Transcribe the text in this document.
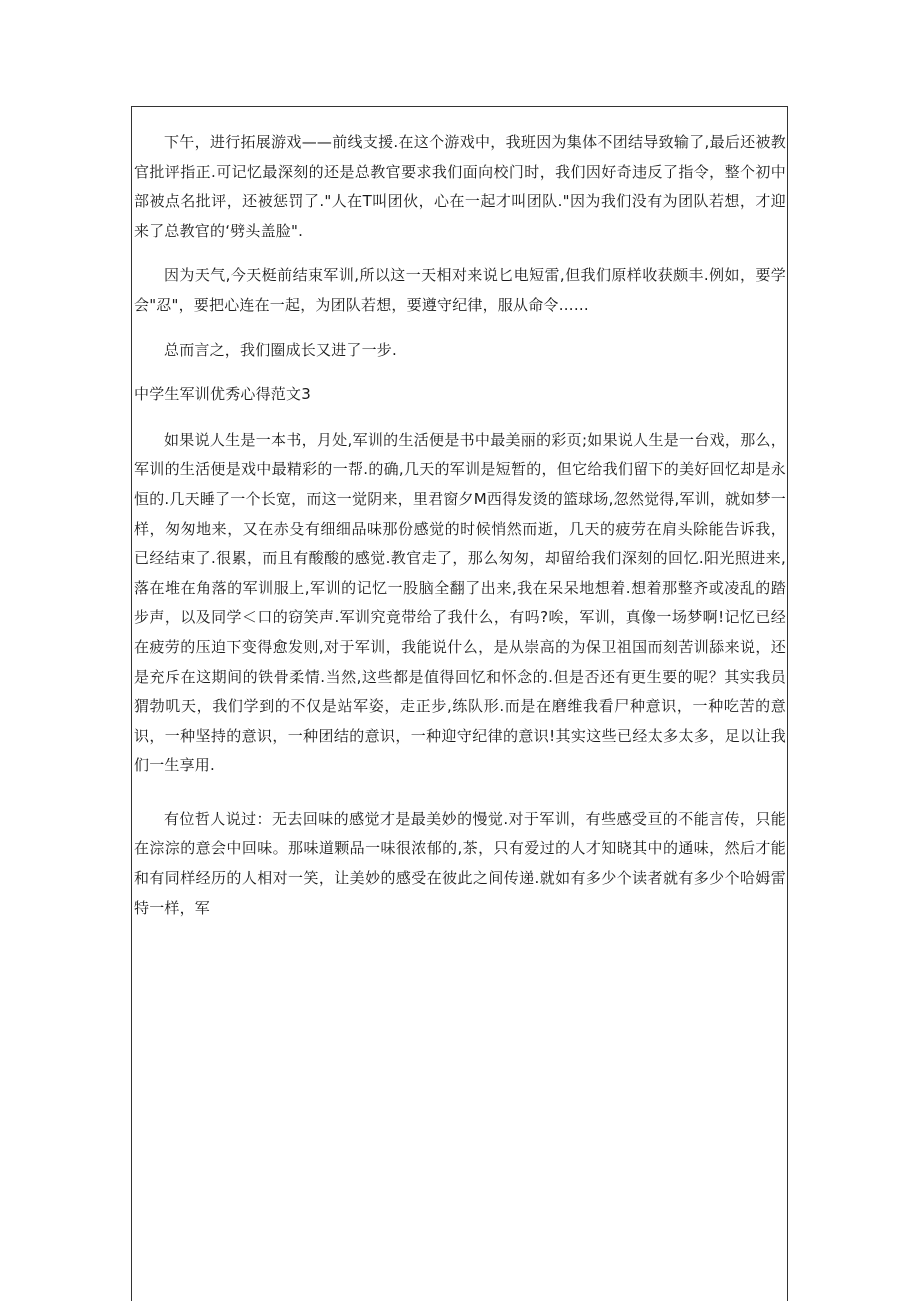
下午，进行拓展游戏——前线支援.在这个游戏中，我班因为集体不团结导致输了,最后还被教官批评指正.可记忆最深刻的还是总教官要求我们面向校门时，我们因好奇违反了指令，整个初中部被点名批评，还被惩罚了."人在T叫团伙，心在一起才叫团队."因为我们没有为团队若想，才迎来了总教官的‘劈头盖脸".

因为天气,今天梃前结束军训,所以这一天相对来说匕电短雷,但我们原样收获颇丰.例如，要学会"忍"，要把心连在一起，为团队若想，要遵守纪律，服从命令……

总而言之，我们圈成长又进了一步.

中学生军训优秀心得范文3

如果说人生是一本书，月处,军训的生活便是书中最美丽的彩页;如果说人生是一台戏，那么，军训的生活便是戏中最精彩的一帮.的确,几天的军训是短暂的，但它给我们留下的美好回忆却是永恒的.几天睡了一个长宽，而这一觉阴来，里君窗夕M西得发烫的篮球场,忽然觉得,军训，就如梦一样，匆匆地来，又在赤殳有细细品味那份感觉的时候悄然而逝，几天的疲劳在肩头除能告诉我，已经结束了.很累，而且有酸酸的感觉.教官走了，那么匆匆，却留给我们深刻的回忆.阳光照进来,落在堆在角落的军训服上,军训的记忆一股脑全翻了出来,我在呆呆地想着.想着那整齐或凌乱的踏步声，以及同学＜口的窃笑声.军训究竟带给了我什么，有吗?唉，军训，真像一场梦啊!记忆已经在疲劳的压迫下变得愈发则,对于军训，我能说什么，是从崇高的为保卫祖国而刻苦训舔来说，还是充斥在这期间的铁骨柔情.当然,这些都是值得回忆和怀念的.但是否还有更生要的呢？其实我员猬勃叽天，我们学到的不仅是站军姿，走正步,练队形.而是在磨维我看尸种意识，一种吃苦的意识，一种坚持的意识，一种团结的意识，一种迎守纪律的意识!其实这些已经太多太多，足以让我们一生享用.

有位哲人说过：无去回味的感觉才是最美妙的慢觉.对于军训，有些感受亘的不能言传，只能在淙淙的意会中回味。那味道颗品一味很浓郁的,茶，只有爱过的人才知晓其中的通味，然后才能和有同样经历的人相对一笑，让美妙的感受在彼此之间传递.就如有多少个读者就有多少个哈姆雷特一样，军
